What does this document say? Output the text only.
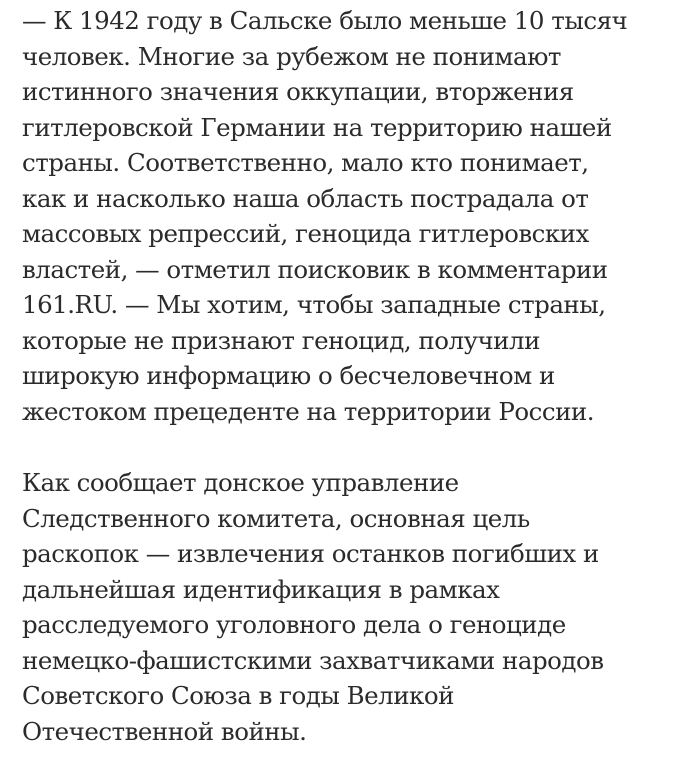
— К 1942 году в Сальске было меньше 10 тысяч
человек. Многие за рубежом не понимают
истинного значения оккупации, вторжения
гитлеровской Германии на территорию нашей
страны. Соответственно, мало кто понимает,
как и насколько наша область пострадала от
массовых репрессий, геноцида гитлеровских
властей, — отметил поисковик в комментарии
161.RU. — Мы хотим, чтобы западные страны,
которые не признают геноцид, получили
широкую информацию о бесчеловечном и
жестоком прецеденте на территории России.

Как сообщает донское управление
Следственного комитета, основная цель
раскопок — извлечения останков погибших и
дальнейшая идентификация в рамках
расследуемого уголовного дела о геноциде
немецко-фашистскими захватчиками народов
Советского Союза в годы Великой
Отечественной войны.
